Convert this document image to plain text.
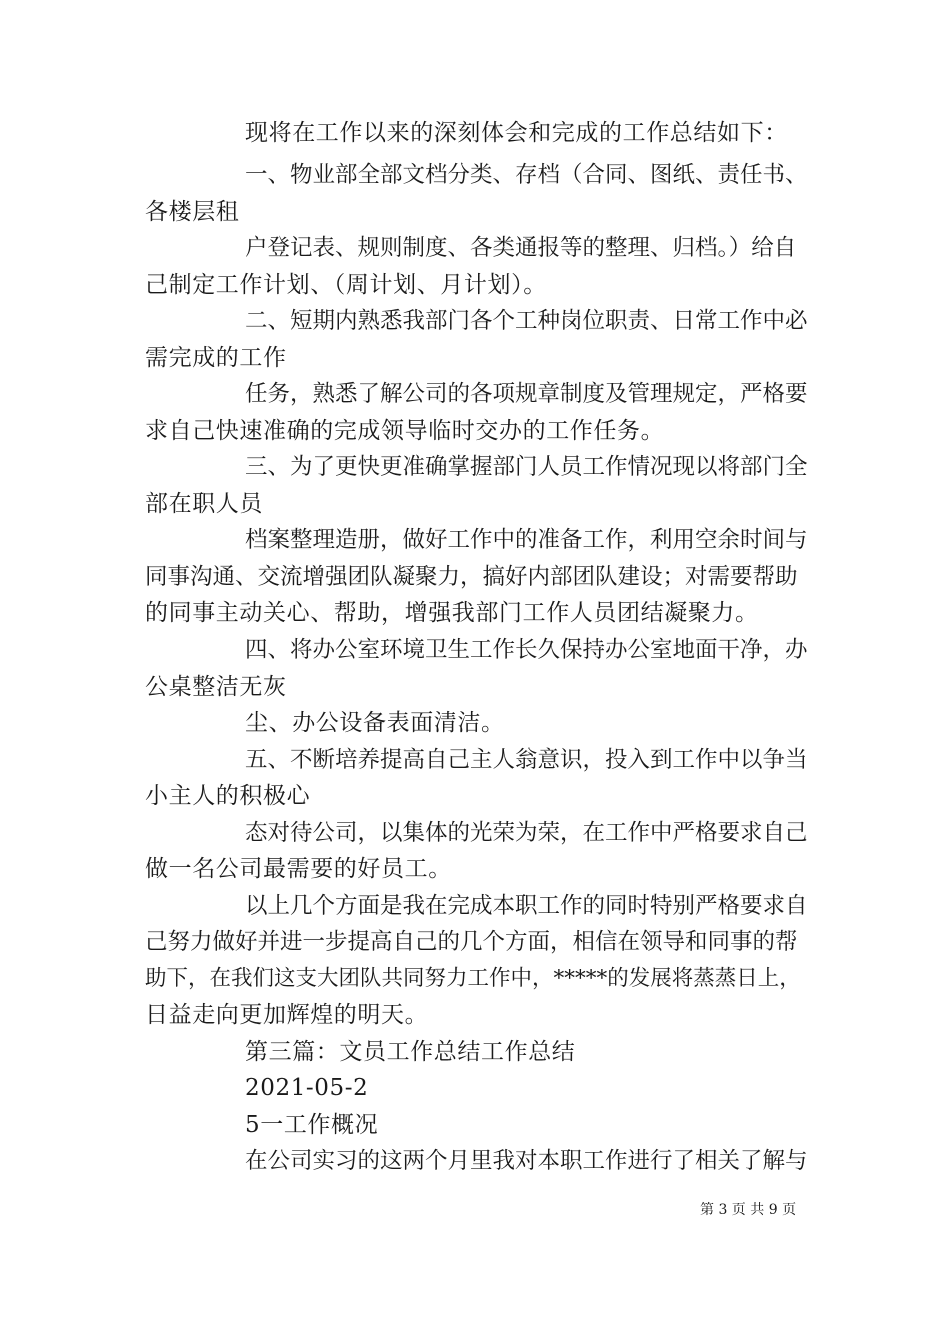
现将在工作以来的深刻体会和完成的工作总结如下：
一、物业部全部文档分类、存档（合同、图纸、责任书、
各楼层租
户登记表、规则制度、各类通报等的整理、归档。）给自
己制定工作计划、（周计划、月计划）。
二、短期内熟悉我部门各个工种岗位职责、日常工作中必
需完成的工作
任务，熟悉了解公司的各项规章制度及管理规定，严格要
求自己快速准确的完成领导临时交办的工作任务。
三、为了更快更准确掌握部门人员工作情况现以将部门全
部在职人员
档案整理造册，做好工作中的准备工作，利用空余时间与
同事沟通、交流增强团队凝聚力，搞好内部团队建设；对需要帮助
的同事主动关心、帮助，增强我部门工作人员团结凝聚力。
四、将办公室环境卫生工作长久保持办公室地面干净，办
公桌整洁无灰
尘、办公设备表面清洁。
五、不断培养提高自己主人翁意识，投入到工作中以争当
小主人的积极心
态对待公司，以集体的光荣为荣，在工作中严格要求自己
做一名公司最需要的好员工。
以上几个方面是我在完成本职工作的同时特别严格要求自
己努力做好并进一步提高自己的几个方面，相信在领导和同事的帮
助下，在我们这支大团队共同努力工作中，*****的发展将蒸蒸日上，
日益走向更加辉煌的明天。
第三篇：文员工作总结工作总结
2021-05-2
5一工作概况
在公司实习的这两个月里我对本职工作进行了相关了解与
第 3 页 共 9 页
